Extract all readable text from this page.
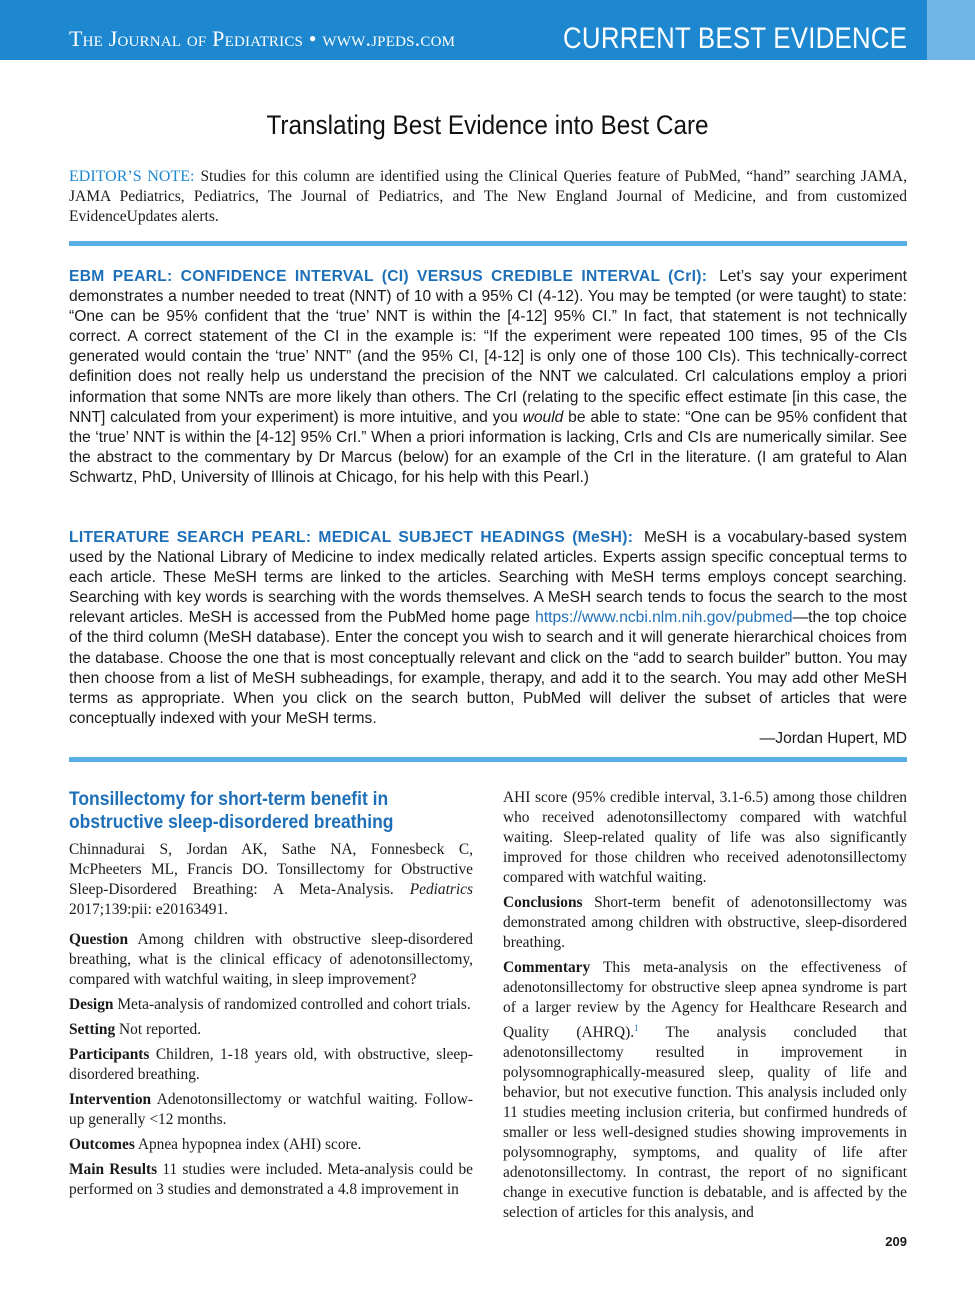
The Journal of Pediatrics • www.jpeds.com	CURRENT BEST EVIDENCE
Translating Best Evidence into Best Care
EDITOR’S NOTE: Studies for this column are identified using the Clinical Queries feature of PubMed, “hand” searching JAMA, JAMA Pediatrics, Pediatrics, The Journal of Pediatrics, and The New England Journal of Medicine, and from customized EvidenceUpdates alerts.
EBM PEARL: CONFIDENCE INTERVAL (CI) VERSUS CREDIBLE INTERVAL (CrI): Let’s say your experiment demonstrates a number needed to treat (NNT) of 10 with a 95% CI (4-12). You may be tempted (or were taught) to state: “One can be 95% confident that the ‘true’ NNT is within the [4-12] 95% CI.” In fact, that statement is not technically correct. A correct statement of the CI in the example is: “If the experiment were repeated 100 times, 95 of the CIs generated would contain the ‘true’ NNT” (and the 95% CI, [4-12] is only one of those 100 CIs). This technically-correct definition does not really help us understand the precision of the NNT we calculated. CrI calculations employ a priori information that some NNTs are more likely than others. The CrI (relating to the specific effect estimate [in this case, the NNT] calculated from your experiment) is more intuitive, and you would be able to state: “One can be 95% confident that the ‘true’ NNT is within the [4-12] 95% CrI.” When a priori information is lacking, CrIs and CIs are numerically similar. See the abstract to the commentary by Dr Marcus (below) for an example of the CrI in the literature. (I am grateful to Alan Schwartz, PhD, University of Illinois at Chicago, for his help with this Pearl.)
LITERATURE SEARCH PEARL: MEDICAL SUBJECT HEADINGS (MeSH): MeSH is a vocabulary-based system used by the National Library of Medicine to index medically related articles. Experts assign specific conceptual terms to each article. These MeSH terms are linked to the articles. Searching with MeSH terms employs concept searching. Searching with key words is searching with the words themselves. A MeSH search tends to focus the search to the most relevant articles. MeSH is accessed from the PubMed home page https://www.ncbi.nlm.nih.gov/pubmed—the top choice of the third column (MeSH database). Enter the concept you wish to search and it will generate hierarchical choices from the database. Choose the one that is most conceptually relevant and click on the “add to search builder” button. You may then choose from a list of MeSH subheadings, for example, therapy, and add it to the search. You may add other MeSH terms as appropriate. When you click on the search button, PubMed will deliver the subset of articles that were conceptually indexed with your MeSH terms.
—Jordan Hupert, MD
Tonsillectomy for short-term benefit in obstructive sleep-disordered breathing

Chinnadurai S, Jordan AK, Sathe NA, Fonnesbeck C, McPheeters ML, Francis DO. Tonsillectomy for Obstructive Sleep-Disordered Breathing: A Meta-Analysis. Pediatrics 2017;139:pii: e20163491.

Question Among children with obstructive sleep-disordered breathing, what is the clinical efficacy of adenotonsillectomy, compared with watchful waiting, in sleep improvement?

Design Meta-analysis of randomized controlled and cohort trials.

Setting Not reported.

Participants Children, 1-18 years old, with obstructive, sleep-disordered breathing.

Intervention Adenotonsillectomy or watchful waiting. Follow-up generally <12 months.

Outcomes Apnea hypopnea index (AHI) score.

Main Results 11 studies were included. Meta-analysis could be performed on 3 studies and demonstrated a 4.8 improvement in

AHI score (95% credible interval, 3.1-6.5) among those children who received adenotonsillectomy compared with watchful waiting. Sleep-related quality of life was also significantly improved for those children who received adenotonsillectomy compared with watchful waiting.

Conclusions Short-term benefit of adenotonsillectomy was demonstrated among children with obstructive, sleep-disordered breathing.

Commentary This meta-analysis on the effectiveness of adenotonsillectomy for obstructive sleep apnea syndrome is part of a larger review by the Agency for Healthcare Research and Quality (AHRQ).$^1$ The analysis concluded that adenotonsillectomy resulted in improvement in polysomnographically-measured sleep, quality of life and behavior, but not executive function. This analysis included only 11 studies meeting inclusion criteria, but confirmed hundreds of smaller or less well-designed studies showing improvements in polysomnography, symptoms, and quality of life after adenotonsillectomy. In contrast, the report of no significant change in executive function is debatable, and is affected by the selection of articles for this analysis, and

209
